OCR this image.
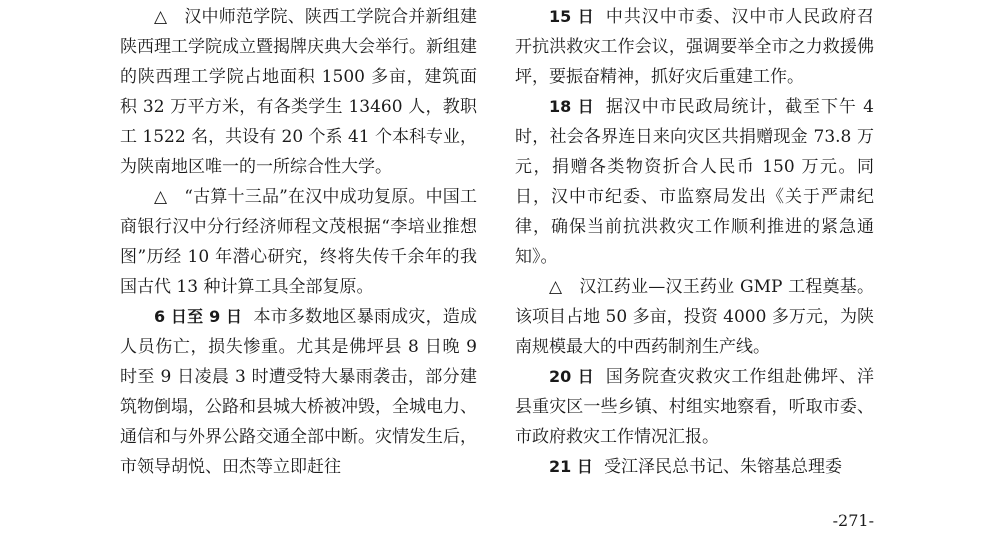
△ 汉中师范学院、陕西工学院合并新组建陕西理工学院成立暨揭牌庆典大会举行。新组建的陕西理工学院占地面积 1500 多亩，建筑面积 32 万平方米，有各类学生 13460 人，教职工 1522 名，共设有 20 个系 41 个本科专业，为陕南地区唯一的一所综合性大学。

△ “古算十三品”在汉中成功复原。中国工商银行汉中分行经济师程文茂根据“李培业推想图”历经 10 年潜心研究，终将失传千余年的我国古代 13 种计算工具全部复原。

6 日至 9 日 本市多数地区暴雨成灾，造成人员伤亡，损失惨重。尤其是佛坪县 8 日晚 9 时至 9 日凌晨 3 时遭受特大暴雨袭击，部分建筑物倒塌，公路和县城大桥被冲毁，全城电力、通信和与外界公路交通全部中断。灾情发生后，市领导胡悦、田杰等立即赶往

15 日 中共汉中市委、汉中市人民政府召开抗洪救灾工作会议，强调要举全市之力救援佛坪，要振奋精神，抓好灾后重建工作。

18 日 据汉中市民政局统计，截至下午 4 时，社会各界连日来向灾区共捐赠现金 73.8 万元，捐赠各类物资折合人民币 150 万元。同日，汉中市纪委、市监察局发出《关于严肃纪律，确保当前抗洪救灾工作顺利推进的紧急通知》。

△ 汉江药业—汉王药业 GMP 工程奠基。该项目占地 50 多亩，投资 4000 多万元，为陕南规模最大的中西药制剂生产线。

20 日 国务院查灾救灾工作组赴佛坪、洋县重灾区一些乡镇、村组实地察看，听取市委、市政府救灾工作情况汇报。

21 日 受江泽民总书记、朱镕基总理委

-271-
